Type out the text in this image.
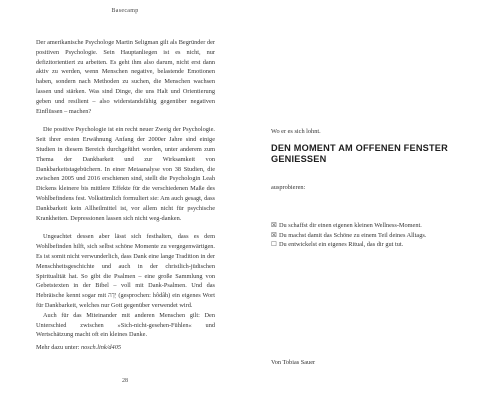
Basecamp

Der amerikanische Psychologe Martin Seligman gilt als Begründer der positiven Psychologie. Sein Hauptanliegen ist es nicht, nur defizitorientiert zu arbeiten. Es geht ihm also darum, nicht erst dann aktiv zu werden, wenn Menschen negative, belastende Emotionen haben, sondern nach Methoden zu suchen, die Menschen wachsen lassen und stärken. Was sind Dinge, die uns Halt und Orientierung geben und resilient – also widerstandsfähig gegenüber negativen Einflüssen – machen?

Die positive Psychologie ist ein recht neuer Zweig der Psychologie. Seit ihrer ersten Erwähnung Anfang der 2000er Jahre sind einige Studien in diesem Bereich durchgeführt worden, unter anderem zum Thema der Dankbarkeit und zur Wirksamkeit von Dankbarkeitstagebüchern. In einer Metaanalyse von 38 Studien, die zwischen 2005 und 2016 erschienen sind, stellt die Psychologin Leah Dickens kleinere bis mittlere Effekte für die verschiedenen Maße des Wohlbefindens fest. Volkstümlich formuliert sie: Am auch gesagt, dass Dankbarkeit kein Allheilmittel ist, vor allem nicht für psychische Krankheiten. Depressionen lassen sich nicht weg-danken.

Ungeachtet dessen aber lässt sich festhalten, dass es dem Wohlbefinden hilft, sich selbst schöne Momente zu vergegenwärtigen. Es ist somit nicht verwunderlich, dass Dank eine lange Tradition in der Menschheitsgeschichte und auch in der christlich-jüdischen Spiritualität hat. So gibt die Psalmen – eine große Sammlung von Gebetstexten in der Bibel – voll mit Dank-Psalmen. Und das Hebräische kennt sogar mit יָדָה (gesprochen: hôdâh) ein eigenes Wort für Dankbarkeit, welches nur Gott gegenüber verwendet wird.

Auch für das Miteinander mit anderen Menschen gilt: Den Unterschied zwischen »Sich-nicht-gesehen-Fühlen« und Wertschätzung macht oft ein kleines Danke.

Mehr dazu unter: nosch.link/d405
28
Wo er es sich lohnt.
DEN MOMENT AM OFFENEN FENSTER GENIESSEN
ausprobieren:
☒ Du schaffst dir einen eigenen kleinen Wellness-Moment.
☒ Du machst damit das Schöne zu einem Teil deines Alltags.
☐ Du entwickelst ein eigenes Ritual, das dir gut tut.
Von Tobias Sauer
